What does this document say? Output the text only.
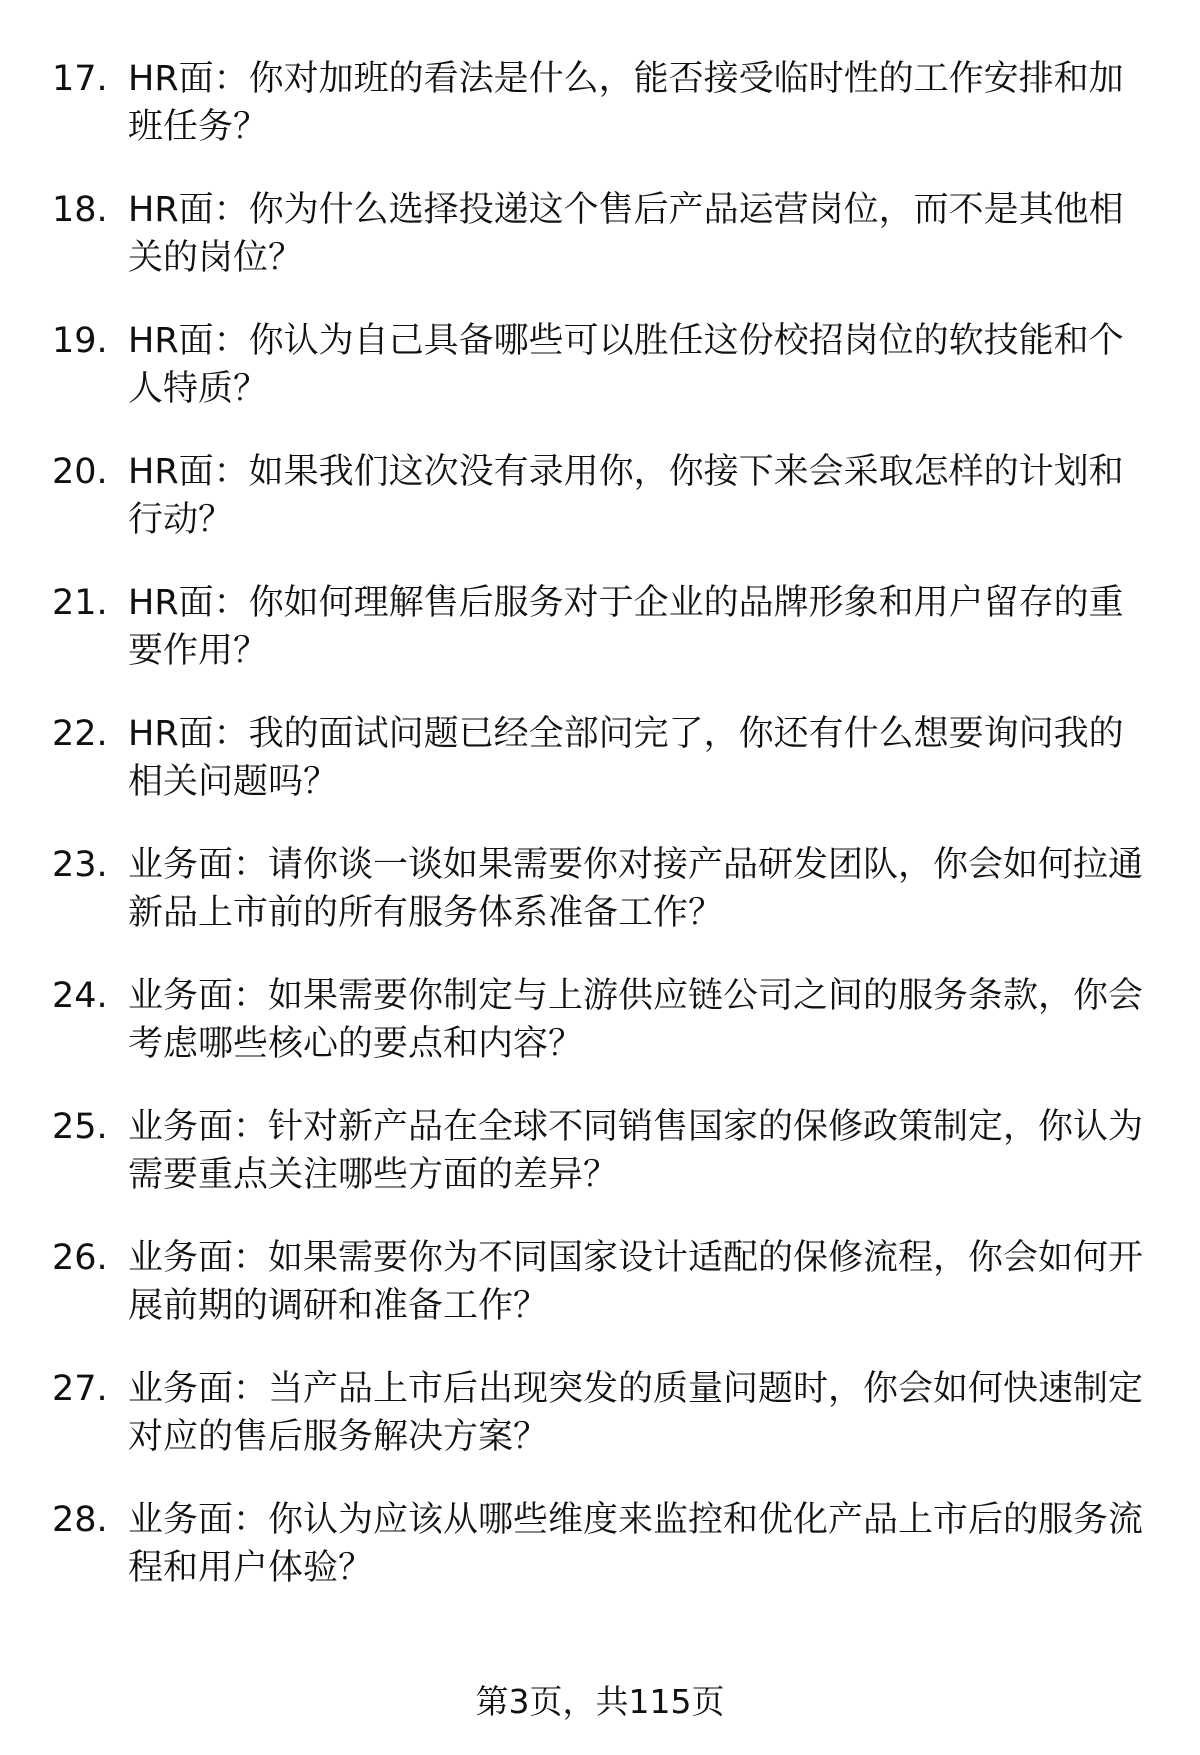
17. HR面：你对加班的看法是什么，能否接受临时性的工作安排和加班任务？
18. HR面：你为什么选择投递这个售后产品运营岗位，而不是其他相关的岗位？
19. HR面：你认为自己具备哪些可以胜任这份校招岗位的软技能和个人特质？
20. HR面：如果我们这次没有录用你，你接下来会采取怎样的计划和行动？
21. HR面：你如何理解售后服务对于企业的品牌形象和用户留存的重要作用？
22. HR面：我的面试问题已经全部问完了，你还有什么想要询问我的相关问题吗？
23. 业务面：请你谈一谈如果需要你对接产品研发团队，你会如何拉通新品上市前的所有服务体系准备工作？
24. 业务面：如果需要你制定与上游供应链公司之间的服务条款，你会考虑哪些核心的要点和内容？
25. 业务面：针对新产品在全球不同销售国家的保修政策制定，你认为需要重点关注哪些方面的差异？
26. 业务面：如果需要你为不同国家设计适配的保修流程，你会如何开展前期的调研和准备工作？
27. 业务面：当产品上市后出现突发的质量问题时，你会如何快速制定对应的售后服务解决方案？
28. 业务面：你认为应该从哪些维度来监控和优化产品上市后的服务流程和用户体验？
第3页，共115页
